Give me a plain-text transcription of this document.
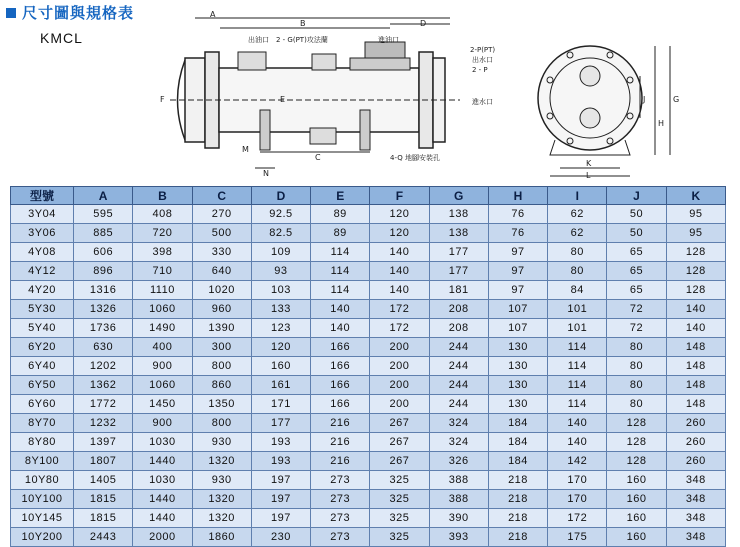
尺寸圖與規格表
KMCL
A
B	D
C
E
F
M
N
K
L
J
H
G
出油口 2 - G(PT)攻法蘭	進油口
2-P(PT)
出水口
2 - P
進水口
4-Q 地腳安裝孔
型號	A	B	C	D	E	F	G	H	I	J	K
3Y04	595	408	270	92.5	89	120	138	76	62	50	95
3Y06	885	720	500	82.5	89	120	138	76	62	50	95
4Y08	606	398	330	109	114	140	177	97	80	65	128
4Y12	896	710	640	93	114	140	177	97	80	65	128
4Y20	1316	1110	1020	103	114	140	181	97	84	65	128
5Y30	1326	1060	960	133	140	172	208	107	101	72	140
5Y40	1736	1490	1390	123	140	172	208	107	101	72	140
6Y20	630	400	300	120	166	200	244	130	114	80	148
6Y40	1202	900	800	160	166	200	244	130	114	80	148
6Y50	1362	1060	860	161	166	200	244	130	114	80	148
6Y60	1772	1450	1350	171	166	200	244	130	114	80	148
8Y70	1232	900	800	177	216	267	324	184	140	128	260
8Y80	1397	1030	930	193	216	267	324	184	140	128	260
8Y100	1807	1440	1320	193	216	267	326	184	142	128	260
10Y80	1405	1030	930	197	273	325	388	218	170	160	348
10Y100	1815	1440	1320	197	273	325	388	218	170	160	348
10Y145	1815	1440	1320	197	273	325	390	218	172	160	348
10Y200	2443	2000	1860	230	273	325	393	218	175	160	348
